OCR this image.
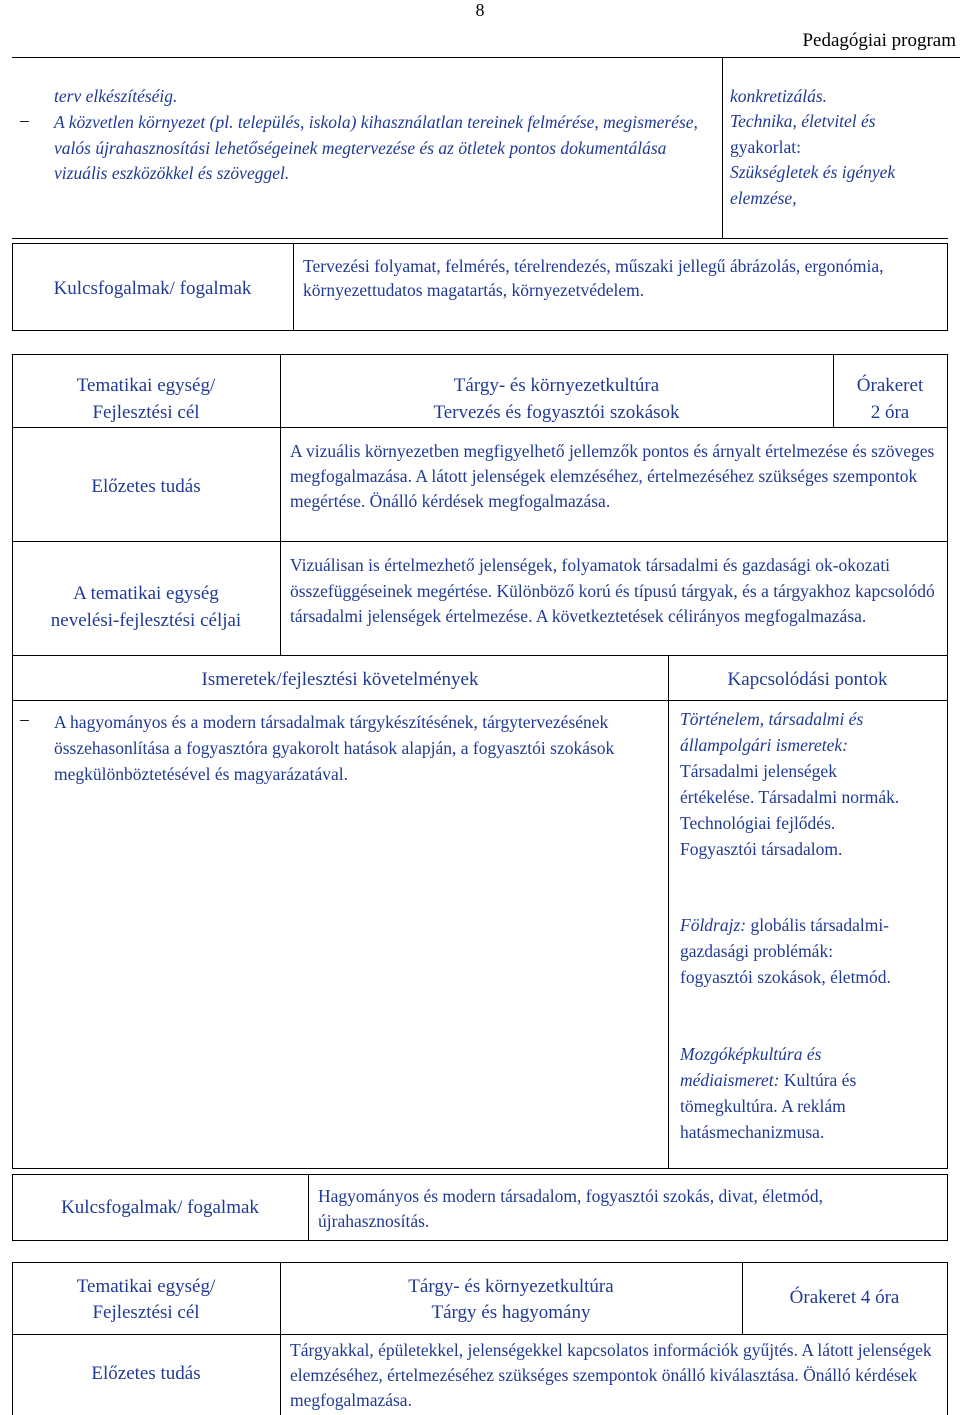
8
Pedagógiai program
terv elkészítéséig.
– A közvetlen környezet (pl. település, iskola) kihasználatlan tereinek felmérése, megismerése, valós újrahasznosítási lehetőségeinek megtervezése és az ötletek pontos dokumentálása vizuális eszközökkel és szöveggel.

konkretizálás.
Technika, életvitel és
gyakorlat:
Szükségletek és igények elemzése,
Kulcsfogalmak/ fogalmak
Tervezési folyamat, felmérés, térelrendezés, műszaki jellegű ábrázolás, ergonómia, környezettudatos magatartás, környezetvédelem.
Tematikai egység/
Fejlesztési cél
Tárgy- és környezetkultúra
Tervezés és fogyasztói szokások
Órakeret
2 óra
Előzetes tudás
A vizuális környezetben megfigyelhető jellemzők pontos és árnyalt értelmezése és szöveges megfogalmazása. A látott jelenségek elemzéséhez, értelmezéséhez szükséges szempontok megértése. Önálló kérdések megfogalmazása.
A tematikai egység
nevelési-fejlesztési céljai
Vizuálisan is értelmezhető jelenségek, folyamatok társadalmi és gazdasági ok-okozati összefüggéseinek megértése. Különböző korú és típusú tárgyak, és a tárgyakhoz kapcsolódó társadalmi jelenségek értelmezése. A következtetések célirányos megfogalmazása.
Ismeretek/fejlesztési követelmények	Kapcsolódási pontok
– A hagyományos és a modern társadalmak tárgykészítésének, tárgytervezésének összehasonlítása a fogyasztóra gyakorolt hatások alapján, a fogyasztói szokások megkülönböztetésével és magyarázatával.

Történelem, társadalmi és állampolgári ismeretek: Társadalmi jelenségek értékelése. Társadalmi normák. Technológiai fejlődés. Fogyasztói társadalom.
Földrajz: globális társadalmi-gazdasági problémák: fogyasztói szokások, életmód.
Mozgóképkultúra és médiaismeret: Kultúra és tömegkultúra. A reklám hatásmechanizmusa.
Kulcsfogalmak/ fogalmak
Hagyományos és modern társadalom, fogyasztói szokás, divat, életmód, újrahasznosítás.
Tematikai egység/
Fejlesztési cél
Tárgy- és környezetkultúra
Tárgy és hagyomány
Órakeret 4 óra
Előzetes tudás
Tárgyakkal, épületekkel, jelenségekkel kapcsolatos információk gyűjtés. A látott jelenségek elemzéséhez, értelmezéséhez szükséges szempontok önálló kiválasztása. Önálló kérdések megfogalmazása.
